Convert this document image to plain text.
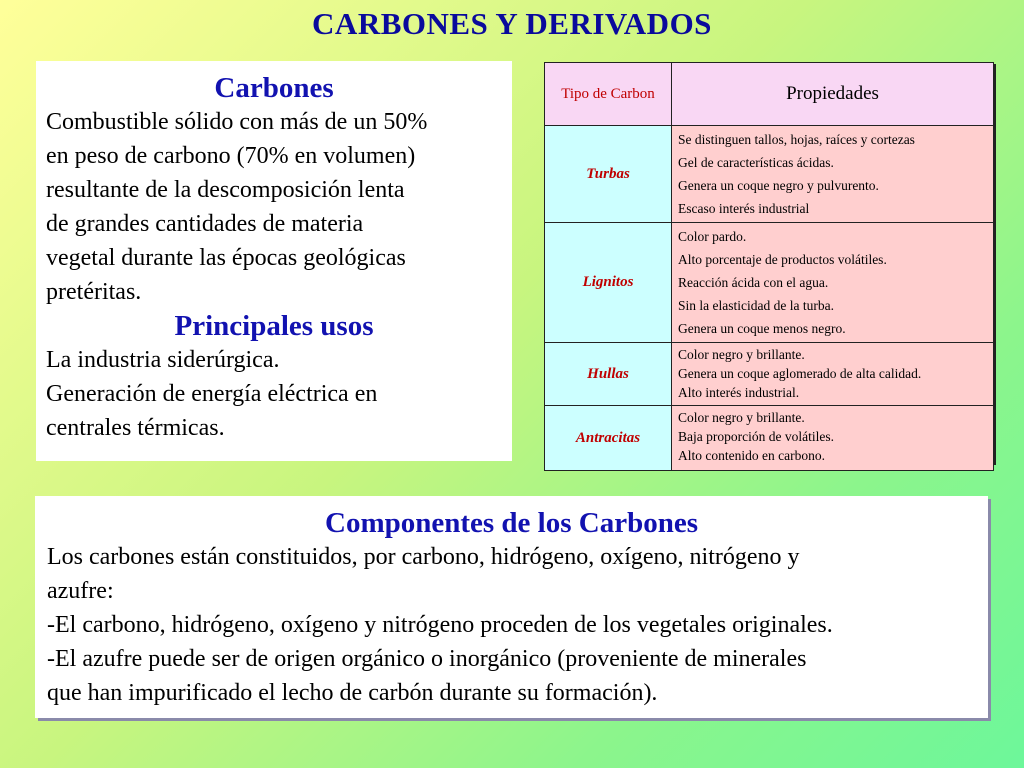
CARBONES Y DERIVADOS
Carbones
Combustible sólido con más de un 50%
en peso de carbono (70% en volumen)
resultante de la descomposición lenta
de grandes cantidades de materia
vegetal durante las épocas geológicas
pretéritas.
Principales usos
La industria siderúrgica.
Generación de energía eléctrica en
centrales térmicas.
Tipo de Carbon	Propiedades
Turbas	Se distinguen tallos, hojas, raíces y cortezas
Gel de características ácidas.
Genera un coque negro y pulvurento.
Escaso interés industrial

Lignitos	Color pardo.
Alto porcentaje de productos volátiles.
Reacción ácida con el agua.
Sin la elasticidad de la turba.
Genera un coque menos negro.

Hullas	Color negro y brillante.
Genera un coque aglomerado de alta calidad.
Alto interés industrial.

Antracitas	Color negro y brillante.
Baja proporción de volátiles.
Alto contenido en carbono.
Componentes de los Carbones
Los carbones están constituidos, por carbono, hidrógeno, oxígeno, nitrógeno y
azufre:
-El carbono, hidrógeno, oxígeno y nitrógeno proceden de los vegetales originales.
-El azufre puede ser de origen orgánico o inorgánico (proveniente de minerales
que han impurificado el lecho de carbón durante su formación).
